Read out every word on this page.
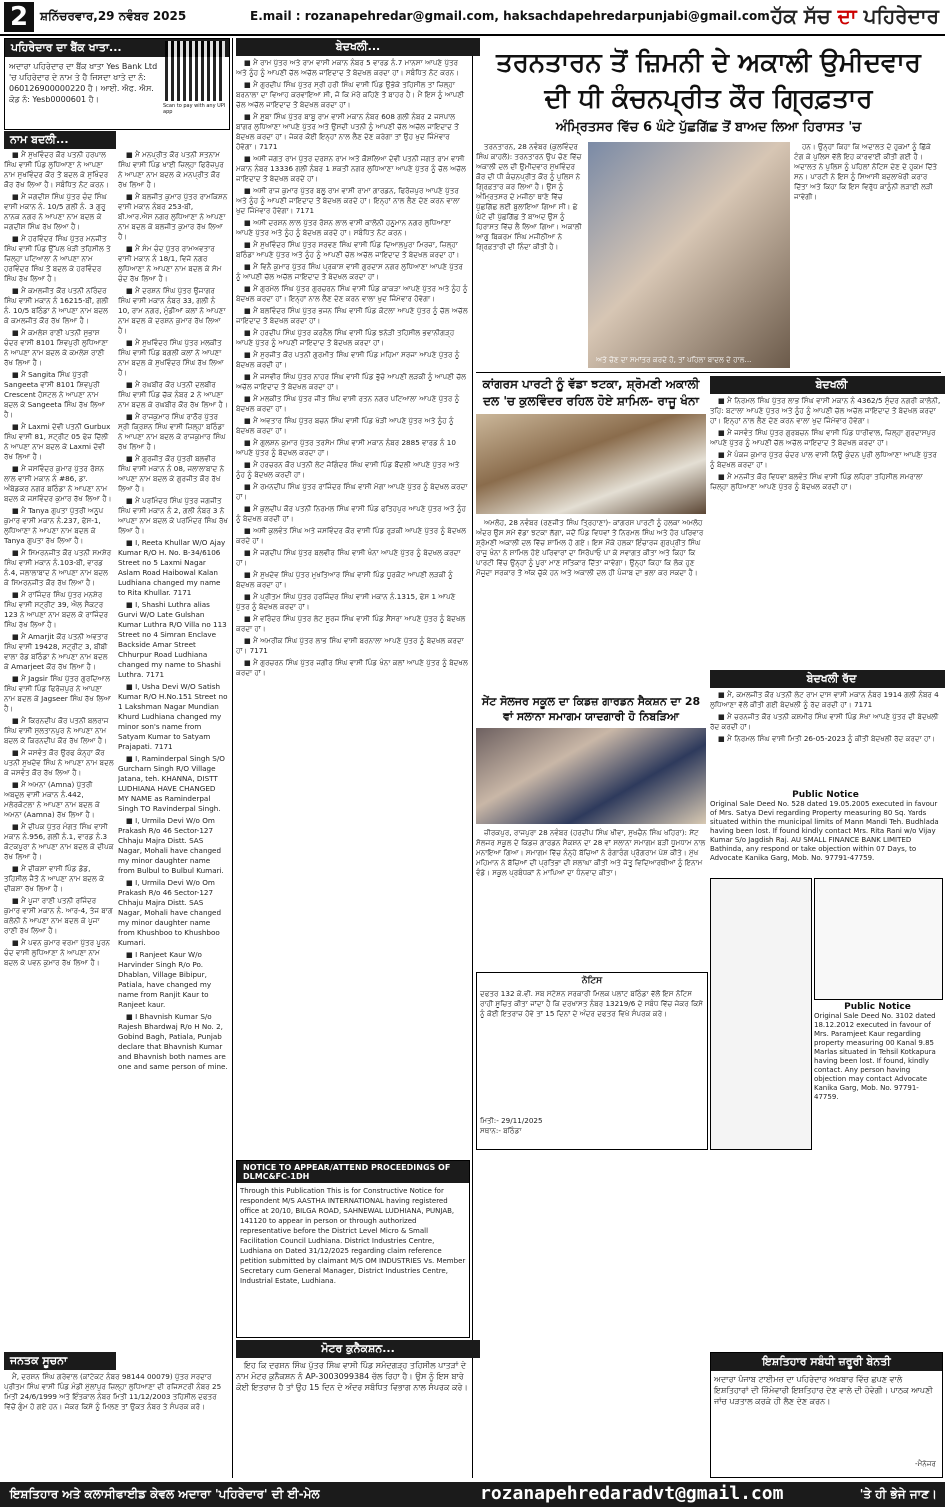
2 ਸ਼ਨਿੱਚਰਵਾਰ,29 ਨਵੰਬਰ 2025	E.mail : rozanapehredar@gmail.com, haksachdapehredarpunjabi@gmail.com ਹੱਕ ਸੱਚ ਦਾ ਪਹਿਰੇਦਾਰ
ਪਹਿਰੇਦਾਰ ਦਾ ਬੈਂਕ ਖਾਤਾ...
ਅਦਾਰਾ ਪਹਿਰੇਦਾਰ ਦਾ ਬੈਂਕ ਖਾਤਾ Yes Bank Ltd 'ਚ ਪਹਿਰੇਦਾਰ ਦੇ ਨਾਮ ਤੇ ਹੈ ਜਿਸਦਾ ਖਾਤੇ ਦਾ ਨੰ: 060126900000220 ਹੈ। ਆਈ. ਐਫ. ਐਸ. ਕੋਡ ਨੰ: Yesb0000601 ਹੈ।
Scan to pay with any UPI app
ਨਾਮ ਬਦਲੀ...

■ ਮੈਂ ਸੁਖਵਿੰਦਰ ਕੌਰ ਪਤਨੀ ਹਰਪਾਲ ਸਿੰਘ ਵਾਸੀ ਪਿੰਡ ਲੁਧਿਆਣਾ ਨੇ ਆਪਣਾ ਨਾਮ ਸੁਖਵਿੰਦਰ ਕੌਰ ਤੋਂ ਬਦਲ ਕੇ ਸੁਖਿੰਦਰ ਕੌਰ ਰੱਖ ਲਿਆ ਹੈ। ਸਬੰਧਿਤ ਨੋਟ ਕਰਨ।

■ ਮੈਂ ਜਗਦੀਸ਼ ਸਿੰਘ ਪੁੱਤਰ ਚੰਦ ਸਿੰਘ ਵਾਸੀ ਮਕਾਨ ਨੰ. 10/5 ਗਲੀ ਨੰ. 3 ਗੁਰੂ ਨਾਨਕ ਨਗਰ ਨੇ ਆਪਣਾ ਨਾਮ ਬਦਲ ਕੇ ਜਗਦੀਸ਼ ਸਿੰਘ ਰੱਖ ਲਿਆ ਹੈ।

■ ਮੈਂ ਹਰਵਿੰਦਰ ਸਿੰਘ ਪੁੱਤਰ ਮਨਜੀਤ ਸਿੰਘ ਵਾਸੀ ਪਿੰਡ ਉੱਪਲ ਖੇੜੀ ਤਹਿਸੀਲ ਤੇ ਜ਼ਿਲ੍ਹਾ ਪਟਿਆਲਾ ਨੇ ਆਪਣਾ ਨਾਮ ਹਰਵਿੰਦਰ ਸਿੰਘ ਤੋਂ ਬਦਲ ਕੇ ਹਰਵਿੰਦਰ ਸਿੰਘ ਰੱਖ ਲਿਆ ਹੈ।

■ ਮੈਂ ਕਮਲਜੀਤ ਕੌਰ ਪਤਨੀ ਨਰਿੰਦਰ ਸਿੰਘ ਵਾਸੀ ਮਕਾਨ ਨੰ 16215-ਬੀ, ਗਲੀ ਨੰ. 10/5 ਬਠਿੰਡਾ ਨੇ ਆਪਣਾ ਨਾਮ ਬਦਲ ਕੇ ਕਮਲਜੀਤ ਕੌਰ ਰੱਖ ਲਿਆ ਹੈ।

■ ਮੈਂ ਕਮਲੇਸ਼ ਰਾਣੀ ਪਤਨੀ ਸੁਭਾਸ਼ ਚੰਦਰ ਵਾਸੀ 8101 ਸ਼ਿਵਪੁਰੀ ਲੁਧਿਆਣਾ ਨੇ ਆਪਣਾ ਨਾਮ ਬਦਲ ਕੇ ਕਮਲੇਸ਼ ਰਾਣੀ ਰੱਖ ਲਿਆ ਹੈ।

■ ਮੈਂ Sangita ਸਿੰਘ ਪੁੱਤਰੀ Sangeeta ਵਾਸੀ 8101 ਸ਼ਿਵਪੁਰੀ Crescent ਹੋਸਟਲ ਨੇ ਆਪਣਾ ਨਾਮ ਬਦਲ ਕੇ Sangeeta ਸਿੰਘ ਰੱਖ ਲਿਆ ਹੈ।

■ ਮੈਂ Laxmi ਦੇਵੀ ਪਤਨੀ Gurbux ਸਿੰਘ ਵਾਸੀ 81, ਸਟ੍ਰੀਟ 05 ਫੇਜ਼ ਦਿੱਲੀ ਨੇ ਆਪਣਾ ਨਾਮ ਬਦਲ ਕੇ Laxmi ਦੇਵੀ ਰੱਖ ਲਿਆ ਹੈ।

■ ਮੈਂ ਜਸਵਿੰਦਰ ਕੁਮਾਰ ਪੁੱਤਰ ਰੋਸ਼ਨ ਲਾਲ ਵਾਸੀ ਮਕਾਨ ਨੰ #86, ਡਾ. ਅੰਬੇਡਕਰ ਨਗਰ ਬਠਿੰਡਾ ਨੇ ਆਪਣਾ ਨਾਮ ਬਦਲ ਕੇ ਜਸਵਿੰਦਰ ਕੁਮਾਰ ਰੱਖ ਲਿਆ ਹੈ।

■ ਮੈਂ Tanya ਗੁਪਤਾ ਪੁੱਤਰੀ ਅਨੂਪ ਕੁਮਾਰ ਵਾਸੀ ਮਕਾਨ ਨੰ.237, ਫੇਸ-1, ਲੁਧਿਆਣਾ ਨੇ ਆਪਣਾ ਨਾਮ ਬਦਲ ਕੇ Tanya ਗੁਪਤਾ ਰੱਖ ਲਿਆ ਹੈ।

■ ਮੈਂ ਸਿਮਰਨਜੀਤ ਕੌਰ ਪਤਨੀ ਸਮਸ਼ੇਰ ਸਿੰਘ ਵਾਸੀ ਮਕਾਨ ਨੰ.103-ਬੀ, ਵਾਰਡ ਨੰ.4, ਜਲਾਲਾਬਾਦ ਨੇ ਆਪਣਾ ਨਾਮ ਬਦਲ ਕੇ ਸਿਮਰਨਜੀਤ ਕੌਰ ਰੱਖ ਲਿਆ ਹੈ।

■ ਮੈਂ ਰਾਜਿੰਦਰ ਸਿੰਘ ਪੁੱਤਰ ਮਨਸ਼ੇਰ ਸਿੰਘ ਵਾਸੀ ਸਟ੍ਰੀਟ 39, ਐਲ ਸੈਕਟਰ 123 ਨੇ ਆਪਣਾ ਨਾਮ ਬਦਲ ਕੇ ਰਾਜਿੰਦਰ ਸਿੰਘ ਰੱਖ ਲਿਆ ਹੈ।

■ ਮੈਂ Amarjit ਕੌਰ ਪਤਨੀ ਅਵਤਾਰ ਸਿੰਘ ਵਾਸੀ 19428, ਸਟ੍ਰੀਟ 3, ਬੀਬੀ ਵਾਲਾ ਰੋਡ ਬਠਿੰਡਾ ਨੇ ਆਪਣਾ ਨਾਮ ਬਦਲ ਕੇ Amarjeet ਕੌਰ ਰੱਖ ਲਿਆ ਹੈ।

■ ਮੈਂ Jagsir ਸਿੰਘ ਪੁੱਤਰ ਗੁਰਦਿਆਲ ਸਿੰਘ ਵਾਸੀ ਪਿੰਡ ਫਿਰੋਜ਼ਪੁਰ ਨੇ ਆਪਣਾ ਨਾਮ ਬਦਲ ਕੇ Jagseer ਸਿੰਘ ਰੱਖ ਲਿਆ ਹੈ।

■ ਮੈਂ ਕਿਰਨਦੀਪ ਕੌਰ ਪਤਨੀ ਬਲਰਾਜ ਸਿੰਘ ਵਾਸੀ ਸੁਲਤਾਨਪੁਰ ਨੇ ਆਪਣਾ ਨਾਮ ਬਦਲ ਕੇ ਕਿਰਨਦੀਪ ਕੌਰ ਰੱਖ ਲਿਆ ਹੈ।

■ ਮੈਂ ਜਸਵੰਤ ਕੌਰ ਉਰਫ ਕੰਨ੍ਹਾ ਕੌਰ ਪਤਨੀ ਸੁਖਦੇਵ ਸਿੰਘ ਨੇ ਆਪਣਾ ਨਾਮ ਬਦਲ ਕੇ ਜਸਵੰਤ ਕੌਰ ਰੱਖ ਲਿਆ ਹੈ।

■ ਮੈਂ ਅਮਨਾ (Amna) ਪੁੱਤਰੀ ਅਬਦੁਲ ਵਾਸੀ ਮਕਾਨ ਨੰ.442, ਮਲੇਰਕੋਟਲਾ ਨੇ ਆਪਣਾ ਨਾਮ ਬਦਲ ਕੇ ਅਮਨਾ (Aamna) ਰੱਖ ਲਿਆ ਹੈ।

■ ਮੈਂ ਦੀਪਕ ਪੁੱਤਰ ਮੰਗਤ ਸਿੰਘ ਵਾਸੀ ਮਕਾਨ ਨੰ.956, ਗਲੀ ਨੰ.1, ਵਾਰਡ ਨੰ.3 ਕੋਟਕਪੂਰਾ ਨੇ ਆਪਣਾ ਨਾਮ ਬਦਲ ਕੇ ਦੀਪਕ ਰੱਖ ਲਿਆ ਹੈ।

■ ਮੈਂ ਦੀਕਸ਼ਾ ਵਾਸੀ ਪਿੰਡ ਡੋਡ, ਤਹਿਸੀਲ ਜੈਤੋ ਨੇ ਆਪਣਾ ਨਾਮ ਬਦਲ ਕੇ ਦੀਕਸ਼ਾ ਰੱਖ ਲਿਆ ਹੈ।

■ ਮੈਂ ਪੂਜਾ ਰਾਣੀ ਪਤਨੀ ਰਜਿੰਦਰ ਕੁਮਾਰ ਵਾਸੀ ਮਕਾਨ ਨੰ. ਆਰ-4, ਤੇਜ ਬਾਗ ਕਲੋਨੀ ਨੇ ਆਪਣਾ ਨਾਮ ਬਦਲ ਕੇ ਪੂਜਾ ਰਾਣੀ ਰੱਖ ਲਿਆ ਹੈ।

■ ਮੈਂ ਪਵਨ ਕੁਮਾਰ ਵਰਮਾ ਪੁੱਤਰ ਪੂਰਨ ਚੰਦ ਵਾਸੀ ਲੁਧਿਆਣਾ ਨੇ ਆਪਣਾ ਨਾਮ ਬਦਲ ਕੇ ਪਵਨ ਕੁਮਾਰ ਰੱਖ ਲਿਆ ਹੈ।

■ ਮੈਂ ਮਨਪ੍ਰੀਤ ਕੌਰ ਪਤਨੀ ਸਤਨਾਮ ਸਿੰਘ ਵਾਸੀ ਪਿੰਡ ਖਾਈ ਜ਼ਿਲ੍ਹਾ ਫਿਰੋਜ਼ਪੁਰ ਨੇ ਆਪਣਾ ਨਾਮ ਬਦਲ ਕੇ ਮਨਪ੍ਰੀਤ ਕੌਰ ਰੱਖ ਲਿਆ ਹੈ।

■ ਮੈਂ ਬਲਜੀਤ ਕੁਮਾਰ ਪੁੱਤਰ ਰਾਮਕਿਸ਼ਨ ਵਾਸੀ ਮਕਾਨ ਨੰਬਰ 253-ਬੀ, ਬੀ.ਆਰ.ਐਸ ਨਗਰ ਲੁਧਿਆਣਾ ਨੇ ਆਪਣਾ ਨਾਮ ਬਦਲ ਕੇ ਬਲਜੀਤ ਕੁਮਾਰ ਰੱਖ ਲਿਆ ਹੈ।

■ ਮੈਂ ਸੰਮ ਚੰਦ ਪੁੱਤਰ ਰਾਮਅਵਤਾਰ ਵਾਸੀ ਮਕਾਨ ਨੰ 18/1, ਵਿਜੇ ਨਗਰ ਲੁਧਿਆਣਾ ਨੇ ਆਪਣਾ ਨਾਮ ਬਦਲ ਕੇ ਸੋਮ ਚੰਦ ਰੱਖ ਲਿਆ ਹੈ।

■ ਮੈਂ ਦਰਸ਼ਨ ਸਿੰਘ ਪੁੱਤਰ ਉਜਾਗਰ ਸਿੰਘ ਵਾਸੀ ਮਕਾਨ ਨੰਬਰ 33, ਗਲੀ ਨੰ 10, ਰਾਮ ਨਗਰ, ਮੁੰਡੀਆਂ ਕਲਾਂ ਨੇ ਆਪਣਾ ਨਾਮ ਬਦਲ ਕੇ ਦਰਸ਼ਨ ਕੁਮਾਰ ਰੱਖ ਲਿਆ ਹੈ।

■ ਮੈਂ ਸੁਖਵਿੰਦਰ ਸਿੰਘ ਪੁੱਤਰ ਮਲਕੀਤ ਸਿੰਘ ਵਾਸੀ ਪਿੰਡ ਬਗਲੀ ਕਲਾਂ ਨੇ ਆਪਣਾ ਨਾਮ ਬਦਲ ਕੇ ਸੁਖਵਿੰਦਰ ਸਿੰਘ ਰੱਖ ਲਿਆ ਹੈ।

■ ਮੈਂ ਰਘਬੀਰ ਕੌਰ ਪਤਨੀ ਦਲਬੀਰ ਸਿੰਘ ਵਾਸੀ ਪਿੰਡ ਚੱਕ ਨੰਬਰ 2 ਨੇ ਆਪਣਾ ਨਾਮ ਬਦਲ ਕੇ ਰਘਬੀਰ ਕੌਰ ਰੱਖ ਲਿਆ ਹੈ।

■ ਮੈਂ ਰਾਜਕੁਮਾਰ ਸਿੰਘ ਰਾਠੌਰ ਪੁੱਤਰ ਸ੍ਰੀ ਕ੍ਰਿਸ਼ਨ ਸਿੰਘ ਵਾਸੀ ਜ਼ਿਲ੍ਹਾ ਬਠਿੰਡਾ ਨੇ ਆਪਣਾ ਨਾਮ ਬਦਲ ਕੇ ਰਾਜਕੁਮਾਰ ਸਿੰਘ ਰੱਖ ਲਿਆ ਹੈ।

■ ਮੈਂ ਗੁਰਜੀਤ ਕੌਰ ਪੁੱਤਰੀ ਬਲਵੀਰ ਸਿੰਘ ਵਾਸੀ ਮਕਾਨ ਨੰ 08, ਜਲਾਲਾਬਾਦ ਨੇ ਆਪਣਾ ਨਾਮ ਬਦਲ ਕੇ ਗੁਰਜੀਤ ਕੌਰ ਰੱਖ ਲਿਆ ਹੈ।

■ ਮੈਂ ਪਰਮਿੰਦਰ ਸਿੰਘ ਪੁੱਤਰ ਜਗਜੀਤ ਸਿੰਘ ਵਾਸੀ ਮਕਾਨ ਨੰ 2, ਗਲੀ ਨੰਬਰ 3 ਨੇ ਆਪਣਾ ਨਾਮ ਬਦਲ ਕੇ ਪਰਮਿੰਦਰ ਸਿੰਘ ਰੱਖ ਲਿਆ ਹੈ।

■ I, Reeta Khullar W/O Ajay Kumar R/O H. No. B-34/6106 Street no 5 Laxmi Nagar Aslam Road Haibowal Kalan Ludhiana changed my name to Rita Khullar. 7171

■ I, Shashi Luthra alias Gurvi W/O Late Gulshan Kumar Luthra R/O Villa no 113 Street no 4 Simran Enclave Backside Amar Street Chhurpur Road Ludhiana changed my name to Shashi Luthra. 7171

■ I, Usha Devi W/O Satish Kumar R/O H.No.151 Street no 1 Lakshman Nagar Mundian Khurd Ludhiana changed my minor son's name from Satyam Kumar to Satyam Prajapati. 7171

■ I, Raminderpal Singh S/O Gurcharn Singh R/O Village Jatana, teh. KHANNA, DISTT LUDHIANA HAVE CHANGED MY NAME as Raminderpal Singh TO Ravinderpal Singh.

■ I, Urmila Devi W/o Om Prakash R/o 46 Sector-127 Chhaju Majra Distt. SAS Nagar, Mohali have changed my minor daughter name from Bulbul to Bulbul Kumari.

■ I, Urmila Devi W/o Om Prakash R/o 46 Sector-127 Chhaju Majra Distt. SAS Nagar, Mohali have changed my minor daughter name from Khushboo to Khushboo Kumari.

■ I Ranjeet Kaur W/o Harvinder Singh R/o Po. Dhablan, Village Bibipur, Patiala, have changed my name from Ranjit Kaur to Ranjeet kaur.

■ I Bhavnish Kumar S/o Rajesh Bhardwaj R/o H No. 2, Gobind Bagh, Patiala, Punjab declare that Bhavnish Kumar and Bhavnish both names are one and same person of mine.

ਜਨਤਕ ਸੂਚਨਾ

ਮੈਂ, ਦਰਸ਼ਨ ਸਿੰਘ ਗਰੇਵਾਲ (ਕਾਂਟੇਕਟ ਨੰਬਰ 98144 00079) ਪੁੱਤਰ ਸਰਦਾਰ ਪ੍ਰੀਤਮ ਸਿੰਘ ਵਾਸੀ ਪਿੰਡ ਮੰਡੀ ਮੁੱਲਾਂਪੁਰ ਜ਼ਿਲ੍ਹਾ ਲੁਧਿਆਣਾ ਦੀ ਰਜਿਸਟਰੀ ਨੰਬਰ 25 ਮਿਤੀ 24/6/1999 ਅਤੇ ਇੰਤਕਾਲ ਨੰਬਰ ਮਿਤੀ 11/12/2003 ਤਹਿਸੀਲ ਦਫਤਰ ਵਿੱਚੋਂ ਗੁੰਮ ਹੋ ਗਏ ਹਨ। ਜੇਕਰ ਕਿਸੇ ਨੂੰ ਮਿਲਣ ਤਾਂ ਉਕਤ ਨੰਬਰ ਤੇ ਸੰਪਰਕ ਕਰੋ।

ਬੇਦਖਲੀ...

■ ਮੈਂ ਰਾਮ ਪੁੱਤਰ ਅਤੇ ਰਾਮ ਵਾਸੀ ਮਕਾਨ ਨੰਬਰ 5 ਵਾਰਡ ਨੰ.7 ਮਾਨਸਾ ਆਪਣੇ ਪੁੱਤਰ ਅਤੇ ਨੂੰਹ ਨੂੰ ਆਪਣੀ ਚੱਲ ਅਚੱਲ ਜਾਇਦਾਦ ਤੋਂ ਬੇਦਖਲ ਕਰਦਾ ਹਾਂ। ਸਬੰਧਿਤ ਨੋਟ ਕਰਨ।

■ ਮੈਂ ਗੁਰਦੀਪ ਸਿੰਘ ਪੁੱਤਰ ਸ੍ਰੀ ਹਰੀ ਸਿੰਘ ਵਾਸੀ ਪਿੰਡ ਉਭੇਕੇ ਤਹਿਸੀਲ ਤਾਂ ਜ਼ਿਲ੍ਹਾ ਬਰਨਾਲਾ ਦਾ ਵਿਆਹ ਕਰਵਾਇਆ ਸੀ, ਜੋ ਕਿ ਮੇਰੇ ਕਹਿਣੇ ਤੋਂ ਬਾਹਰ ਹੈ। ਮੈਂ ਇਸ ਨੂੰ ਆਪਣੀ ਚੱਲ ਅਚੱਲ ਜਾਇਦਾਦ ਤੋਂ ਬੇਦਖਲ ਕਰਦਾ ਹਾਂ।

■ ਮੈਂ ਸੂਬਾ ਸਿੰਘ ਪੁੱਤਰ ਬਾਬੂ ਰਾਮ ਵਾਸੀ ਮਕਾਨ ਨੰਬਰ 608 ਗਲੀ ਨੰਬਰ 2 ਜਸਪਾਲ ਬਾਂਗਰ ਲੁਧਿਆਣਾ ਆਪਣੇ ਪੁੱਤਰ ਅਤੇ ਉਸਦੀ ਪਤਨੀ ਨੂੰ ਆਪਣੀ ਚੱਲ ਅਚੱਲ ਜਾਇਦਾਦ ਤੋਂ ਬੇਦਖਲ ਕਰਦਾ ਹਾਂ। ਜੇਕਰ ਕੋਈ ਇਨ੍ਹਾਂ ਨਾਲ ਲੈਣ ਦੇਣ ਕਰੇਗਾ ਤਾਂ ਉਹ ਖੁਦ ਜਿੰਮੇਵਾਰ ਹੋਵੇਗਾ। 7171

■ ਅਸੀਂ ਜਗਤ ਰਾਮ ਪੁੱਤਰ ਦਰਸ਼ਨ ਰਾਮ ਅਤੇ ਕੌਸ਼ਲਿਆ ਦੇਵੀ ਪਤਨੀ ਜਗਤ ਰਾਮ ਵਾਸੀ ਮਕਾਨ ਨੰਬਰ 13336 ਗਲੀ ਨੰਬਰ 1 ਸ਼ਕਤੀ ਨਗਰ ਲੁਧਿਆਣਾ ਆਪਣੇ ਪੁੱਤਰ ਨੂੰ ਚੱਲ ਅਚੱਲ ਜਾਇਦਾਦ ਤੋਂ ਬੇਦਖਲ ਕਰਦੇ ਹਾਂ।

■ ਅਸੀਂ ਰਾਜ ਕੁਮਾਰ ਪੁੱਤਰ ਬਲੂ ਰਾਮ ਵਾਸੀ ਰਾਮਾ ਗਾਰਡਨ, ਫਿਰੋਜ਼ਪੁਰ ਆਪਣੇ ਪੁੱਤਰ ਅਤੇ ਨੂੰਹ ਨੂੰ ਆਪਣੀ ਜਾਇਦਾਦ ਤੋਂ ਬੇਦਖਲ ਕਰਦੇ ਹਾਂ। ਇਨ੍ਹਾਂ ਨਾਲ ਲੈਣ ਦੇਣ ਕਰਨ ਵਾਲਾ ਖੁਦ ਜਿੰਮੇਵਾਰ ਹੋਵੇਗਾ। 7171

■ ਅਸੀਂ ਦਰਸ਼ਨ ਲਾਲ ਪੁੱਤਰ ਰੋਸ਼ਨ ਲਾਲ ਵਾਸੀ ਕਾਲੋਨੀ ਹਨੂਮਾਨ ਨਗਰ ਲੁਧਿਆਣਾ ਆਪਣੇ ਪੁੱਤਰ ਅਤੇ ਨੂੰਹ ਨੂੰ ਬੇਦਖਲ ਕਰਦੇ ਹਾਂ। ਸਬੰਧਿਤ ਨੋਟ ਕਰਨ।

■ ਮੈਂ ਸੁਖਵਿੰਦਰ ਸਿੰਘ ਪੁੱਤਰ ਸਰਵਣ ਸਿੰਘ ਵਾਸੀ ਪਿੰਡ ਦਿਆਲਪੁਰਾ ਮਿਰਜ਼ਾ, ਜ਼ਿਲ੍ਹਾ ਬਠਿੰਡਾ ਆਪਣੇ ਪੁੱਤਰ ਅਤੇ ਨੂੰਹ ਨੂੰ ਆਪਣੀ ਚੱਲ ਅਚੱਲ ਜਾਇਦਾਦ ਤੋਂ ਬੇਦਖਲ ਕਰਦਾ ਹਾਂ।

■ ਮੈਂ ਵਿਨੈ ਕੁਮਾਰ ਪੁੱਤਰ ਸਿੰਘ ਪ੍ਰਕਾਸ਼ ਵਾਸੀ ਗੁਰਦਾਸ ਨਗਰ ਲੁਧਿਆਣਾ ਆਪਣੇ ਪੁੱਤਰ ਨੂੰ ਆਪਣੀ ਚੱਲ ਅਚੱਲ ਜਾਇਦਾਦ ਤੋਂ ਬੇਦਖਲ ਕਰਦਾ ਹਾਂ।

■ ਮੈਂ ਗੁਰਮੇਲ ਸਿੰਘ ਪੁੱਤਰ ਗੁਰਚਰਨ ਸਿੰਘ ਵਾਸੀ ਪਿੰਡ ਕਾਕੜਾ ਆਪਣੇ ਪੁੱਤਰ ਅਤੇ ਨੂੰਹ ਨੂੰ ਬੇਦਖਲ ਕਰਦਾ ਹਾਂ। ਇਨ੍ਹਾਂ ਨਾਲ ਲੈਣ ਦੇਣ ਕਰਨ ਵਾਲਾ ਖੁਦ ਜਿੰਮੇਵਾਰ ਹੋਵੇਗਾ।

■ ਮੈਂ ਬਲਵਿੰਦਰ ਸਿੰਘ ਪੁੱਤਰ ਭਜਨ ਸਿੰਘ ਵਾਸੀ ਪਿੰਡ ਕੋਟਲਾ ਆਪਣੇ ਪੁੱਤਰ ਨੂੰ ਚੱਲ ਅਚੱਲ ਜਾਇਦਾਦ ਤੋਂ ਬੇਦਖਲ ਕਰਦਾ ਹਾਂ।

■ ਮੈਂ ਹਰਦੀਪ ਸਿੰਘ ਪੁੱਤਰ ਕਰਨੈਲ ਸਿੰਘ ਵਾਸੀ ਪਿੰਡ ਝਨੇੜੀ ਤਹਿਸੀਲ ਭਵਾਨੀਗੜ੍ਹ ਆਪਣੇ ਪੁੱਤਰ ਨੂੰ ਆਪਣੀ ਜਾਇਦਾਦ ਤੋਂ ਬੇਦਖਲ ਕਰਦਾ ਹਾਂ।

■ ਮੈਂ ਸੁਰਜੀਤ ਕੌਰ ਪਤਨੀ ਗੁਰਮੀਤ ਸਿੰਘ ਵਾਸੀ ਪਿੰਡ ਮਹਿਮਾ ਸਰਜਾ ਆਪਣੇ ਪੁੱਤਰ ਨੂੰ ਬੇਦਖਲ ਕਰਦੀ ਹਾਂ।

■ ਮੈਂ ਜਸਵੀਰ ਸਿੰਘ ਪੁੱਤਰ ਨਾਹਰ ਸਿੰਘ ਵਾਸੀ ਪਿੰਡ ਭੁੱਚੋ ਆਪਣੀ ਲੜਕੀ ਨੂੰ ਆਪਣੀ ਚੱਲ ਅਚੱਲ ਜਾਇਦਾਦ ਤੋਂ ਬੇਦਖਲ ਕਰਦਾ ਹਾਂ।

■ ਮੈਂ ਮਲਕੀਤ ਸਿੰਘ ਪੁੱਤਰ ਜੀਤ ਸਿੰਘ ਵਾਸੀ ਰਤਨ ਨਗਰ ਪਟਿਆਲਾ ਆਪਣੇ ਪੁੱਤਰ ਨੂੰ ਬੇਦਖਲ ਕਰਦਾ ਹਾਂ।

■ ਮੈਂ ਅਵਤਾਰ ਸਿੰਘ ਪੁੱਤਰ ਬਚਨ ਸਿੰਘ ਵਾਸੀ ਪਿੰਡ ਖੇੜੀ ਆਪਣੇ ਪੁੱਤਰ ਅਤੇ ਨੂੰਹ ਨੂੰ ਬੇਦਖਲ ਕਰਦਾ ਹਾਂ।

■ ਮੈਂ ਗੁਲਸ਼ਨ ਕੁਮਾਰ ਪੁੱਤਰ ਤਰਸੇਮ ਸਿੰਘ ਵਾਸੀ ਮਕਾਨ ਨੰਬਰ 2885 ਵਾਰਡ ਨੰ 10 ਆਪਣੇ ਪੁੱਤਰ ਨੂੰ ਬੇਦਖਲ ਕਰਦਾ ਹਾਂ।

■ ਮੈਂ ਹਰਚਰਨ ਕੌਰ ਪਤਨੀ ਲੇਟ ਜੋਗਿੰਦਰ ਸਿੰਘ ਵਾਸੀ ਪਿੰਡ ਬੌਂਦਲੀ ਆਪਣੇ ਪੁੱਤਰ ਅਤੇ ਨੂੰਹ ਨੂੰ ਬੇਦਖਲ ਕਰਦੀ ਹਾਂ।

■ ਮੈਂ ਰਮਨਦੀਪ ਸਿੰਘ ਪੁੱਤਰ ਰਾਜਿੰਦਰ ਸਿੰਘ ਵਾਸੀ ਮੋਗਾ ਆਪਣੇ ਪੁੱਤਰ ਨੂੰ ਬੇਦਖਲ ਕਰਦਾ ਹਾਂ।

■ ਮੈਂ ਕੁਲਦੀਪ ਕੌਰ ਪਤਨੀ ਨਿਰਮਲ ਸਿੰਘ ਵਾਸੀ ਪਿੰਡ ਫਤਿਹਪੁਰ ਆਪਣੇ ਪੁੱਤਰ ਅਤੇ ਨੂੰਹ ਨੂੰ ਬੇਦਖਲ ਕਰਦੀ ਹਾਂ।

■ ਅਸੀਂ ਕੁਲਵੰਤ ਸਿੰਘ ਅਤੇ ਜਸਵਿੰਦਰ ਕੌਰ ਵਾਸੀ ਪਿੰਡ ਰੁੜਕੀ ਆਪਣੇ ਪੁੱਤਰ ਨੂੰ ਬੇਦਖਲ ਕਰਦੇ ਹਾਂ।

■ ਮੈਂ ਜਗਦੀਪ ਸਿੰਘ ਪੁੱਤਰ ਬਲਵੀਰ ਸਿੰਘ ਵਾਸੀ ਖੰਨਾ ਆਪਣੇ ਪੁੱਤਰ ਨੂੰ ਬੇਦਖਲ ਕਰਦਾ ਹਾਂ।

■ ਮੈਂ ਸੁਖਦੇਵ ਸਿੰਘ ਪੁੱਤਰ ਮੁਖਤਿਆਰ ਸਿੰਘ ਵਾਸੀ ਪਿੰਡ ਧੂਰਕੋਟ ਆਪਣੀ ਲੜਕੀ ਨੂੰ ਬੇਦਖਲ ਕਰਦਾ ਹਾਂ।

■ ਮੈਂ ਪ੍ਰੀਤਮ ਸਿੰਘ ਪੁੱਤਰ ਹਰਜਿੰਦਰ ਸਿੰਘ ਵਾਸੀ ਮਕਾਨ ਨੰ.1315, ਫੇਸ 1 ਆਪਣੇ ਪੁੱਤਰ ਨੂੰ ਬੇਦਖਲ ਕਰਦਾ ਹਾਂ।

■ ਮੈਂ ਵਰਿੰਦਰ ਸਿੰਘ ਪੁੱਤਰ ਲੇਟ ਸੂਰਜ ਸਿੰਘ ਵਾਸੀ ਪਿੰਡ ਸੈਂਸਰਾ ਆਪਣੇ ਪੁੱਤਰ ਨੂੰ ਬੇਦਖਲ ਕਰਦਾ ਹਾਂ।

■ ਮੈਂ ਅਮਰੀਕ ਸਿੰਘ ਪੁੱਤਰ ਲਾਭ ਸਿੰਘ ਵਾਸੀ ਬਰਨਾਲਾ ਆਪਣੇ ਪੁੱਤਰ ਨੂੰ ਬੇਦਖਲ ਕਰਦਾ ਹਾਂ। 7171

■ ਮੈਂ ਗੁਰਚਰਨ ਸਿੰਘ ਪੁੱਤਰ ਜਗੀਰ ਸਿੰਘ ਵਾਸੀ ਪਿੰਡ ਖੰਨਾ ਕਲਾਂ ਆਪਣੇ ਪੁੱਤਰ ਨੂੰ ਬੇਦਖਲ ਕਰਦਾ ਹਾਂ।

NOTICE TO APPEAR/ATTEND PROCEEDINGS OF DLMC&FC-1DH
Through this Publication This is for Constructive Notice for respondent M/S AASTHA INTERNATIONAL having registered office at 20/10, BILGA ROAD, SAHNEWAL LUDHIANA, PUNJAB, 141120 to appear in person or through authorized representative before the District Level Micro & Small Facilitation Council Ludhiana. District Industries Centre, Ludhiana on Dated 31/12/2025 regarding claim reference petition submitted by claimant M/S OM INDUSTRIES Vs. Member Secretary cum General Manager, District Industries Centre, Industrial Estate, Ludhiana.
ਮੋਟਰ ਕੁਨੈਕਸ਼ਨ...

ਇਹ ਕਿ ਦਰਸ਼ਨ ਸਿੰਘ ਪੁੱਤਰ ਸਿੰਘ ਵਾਸੀ ਪਿੰਡ ਸਮੰਦਗੜ੍ਹ ਤਹਿਸੀਲ ਪਾਤੜਾਂ ਦੇ ਨਾਮ ਮੋਟਰ ਕੁਨੈਕਸ਼ਨ ਨੰ AP-3003099384 ਚੱਲ ਰਿਹਾ ਹੈ। ਉਸ ਨੂੰ ਇਸ ਬਾਰੇ ਕੋਈ ਇਤਰਾਜ਼ ਹੈ ਤਾਂ ਉਹ 15 ਦਿਨ ਦੇ ਅੰਦਰ ਸਬੰਧਿਤ ਵਿਭਾਗ ਨਾਲ ਸੰਪਰਕ ਕਰੇ।

ਤਰਨਤਾਰਨ ਤੋਂ ਜ਼ਿਮਨੀ ਦੇ ਅਕਾਲੀ ਉਮੀਦਵਾਰ
ਦੀ ਧੀ ਕੰਚਨਪ੍ਰੀਤ ਕੌਰ ਗ੍ਰਿਫ਼ਤਾਰ
ਅੰਮ੍ਰਿਤਸਰ ਵਿੱਚ 6 ਘੰਟੇ ਪੁੱਛਗਿੱਛ ਤੋਂ ਬਾਅਦ ਲਿਆ ਹਿਰਾਸਤ 'ਚ

ਤਰਨਤਾਰਨ, 28 ਨਵੰਬਰ (ਕੁਲਵਿੰਦਰ ਸਿੰਘ ਕਾਹਲੋਂ): ਤਰਨਤਾਰਨ ਉਪ ਚੋਣ ਵਿੱਚ ਅਕਾਲੀ ਦਲ ਦੀ ਉਮੀਦਵਾਰ ਸੁਖਵਿੰਦਰ ਕੌਰ ਦੀ ਧੀ ਕੰਚਨਪ੍ਰੀਤ ਕੌਰ ਨੂੰ ਪੁਲਿਸ ਨੇ ਗ੍ਰਿਫ਼ਤਾਰ ਕਰ ਲਿਆ ਹੈ। ਉਸ ਨੂੰ ਅੰਮ੍ਰਿਤਸਰ ਦੇ ਮਜੀਠਾ ਥਾਣੇ ਵਿੱਚ ਪੁੱਛਗਿੱਛ ਲਈ ਬੁਲਾਇਆ ਗਿਆ ਸੀ। ਛੇ ਘੰਟੇ ਦੀ ਪੁੱਛਗਿੱਛ ਤੋਂ ਬਾਅਦ ਉਸ ਨੂੰ ਹਿਰਾਸਤ ਵਿੱਚ ਲੈ ਲਿਆ ਗਿਆ। ਅਕਾਲੀ ਆਗੂ ਬਿਕਰਮ ਸਿੰਘ ਮਜੀਠੀਆ ਨੇ ਗ੍ਰਿਫ਼ਤਾਰੀ ਦੀ ਨਿੰਦਾ ਕੀਤੀ ਹੈ।

ਅਤੇ ਚੋਣ ਦਾ ਸਮਾਂਤਰ ਕਰਦੇ ਹੋ, ਤਾਂ ਪਹਿਲਾ ਬਾਦਲ ਦੇ ਹਾਲ...

ਹਨ। ਉਨ੍ਹਾਂ ਕਿਹਾ ਕਿ ਅਦਾਲਤ ਦੇ ਹੁਕਮਾਂ ਨੂੰ ਛਿੱਕੇ ਟੰਗ ਕੇ ਪੁਲਿਸ ਵੱਲੋਂ ਇਹ ਕਾਰਵਾਈ ਕੀਤੀ ਗਈ ਹੈ। ਅਦਾਲਤ ਨੇ ਪੁਲਿਸ ਨੂੰ ਪਹਿਲਾਂ ਨੋਟਿਸ ਦੇਣ ਦੇ ਹੁਕਮ ਦਿੱਤੇ ਸਨ। ਪਾਰਟੀ ਨੇ ਇਸ ਨੂੰ ਸਿਆਸੀ ਬਦਲਾਖੋਰੀ ਕਰਾਰ ਦਿੱਤਾ ਅਤੇ ਕਿਹਾ ਕਿ ਇਸ ਵਿਰੁੱਧ ਕਾਨੂੰਨੀ ਲੜਾਈ ਲੜੀ ਜਾਵੇਗੀ।

ਕਾਂਗਰਸ ਪਾਰਟੀ ਨੂੰ ਵੱਡਾ ਝਟਕਾ, ਸ਼੍ਰੋਮਣੀ ਅਕਾਲੀ ਦਲ 'ਚ ਕੁਲਵਿੰਦਰ ਰਹਿਲ ਹੋਏ ਸ਼ਾਮਿਲ- ਰਾਜੂ ਖੰਨਾ

ਅਮਲੋਹ, 28 ਨਵੰਬਰ (ਰਣਜੀਤ ਸਿੰਘ ਤ੍ਰਿਹਾਣਾ)- ਕਾਂਗਰਸ ਪਾਰਟੀ ਨੂੰ ਹਲਕਾ ਅਮਲੋਹ ਅੰਦਰ ਉਸ ਸਮੇਂ ਵੱਡਾ ਝਟਕਾ ਲੱਗਾ, ਜਦੋਂ ਪਿੰਡ ਵਿਧਵਾਂ ਤੋਂ ਨਿਰਮਲ ਸਿੰਘ ਅਤੇ ਹੋਰ ਪਰਿਵਾਰ ਸ਼੍ਰੋਮਣੀ ਅਕਾਲੀ ਦਲ ਵਿੱਚ ਸ਼ਾਮਿਲ ਹੋ ਗਏ। ਇਸ ਮੌਕੇ ਹਲਕਾ ਇੰਚਾਰਜ ਗੁਰਪ੍ਰੀਤ ਸਿੰਘ ਰਾਜੂ ਖੰਨਾ ਨੇ ਸ਼ਾਮਿਲ ਹੋਏ ਪਰਿਵਾਰਾਂ ਦਾ ਸਿਰੋਪਾਓ ਪਾ ਕੇ ਸਵਾਗਤ ਕੀਤਾ ਅਤੇ ਕਿਹਾ ਕਿ ਪਾਰਟੀ ਵਿੱਚ ਉਨ੍ਹਾਂ ਨੂੰ ਪੂਰਾ ਮਾਣ ਸਤਿਕਾਰ ਦਿੱਤਾ ਜਾਵੇਗਾ। ਉਨ੍ਹਾਂ ਕਿਹਾ ਕਿ ਲੋਕ ਹੁਣ ਮੌਜੂਦਾ ਸਰਕਾਰ ਤੋਂ ਅੱਕ ਚੁੱਕੇ ਹਨ ਅਤੇ ਅਕਾਲੀ ਦਲ ਹੀ ਪੰਜਾਬ ਦਾ ਭਲਾ ਕਰ ਸਕਦਾ ਹੈ।

ਸੇਂਟ ਸੋਲਜਰ ਸਕੂਲ ਦਾ ਕਿਡਜ਼ ਗਾਰਡਨ ਸੈਕਸ਼ਨ ਦਾ 28 ਵਾਂ ਸਲਾਨਾ ਸਮਾਗਮ ਯਾਦਗਾਰੀ ਹੋ ਨਿਬੜਿਆ

ਜ਼ੀਰਕਪੁਰ, ਰਾਜਪੁਰਾ 28 ਨਵੰਬਰ (ਹਰਦੀਪ ਸਿੰਘ ਖੀਵਾ, ਸੁਖਚੈਨ ਸਿੰਘ ਖਹਿਰਾ): ਸੇਂਟ ਸੋਲਜਰ ਸਕੂਲ ਦੇ ਕਿਡਜ਼ ਗਾਰਡਨ ਸੈਕਸ਼ਨ ਦਾ 28 ਵਾਂ ਸਲਾਨਾ ਸਮਾਗਮ ਬੜੀ ਧੂਮਧਾਮ ਨਾਲ ਮਨਾਇਆ ਗਿਆ। ਸਮਾਗਮ ਵਿੱਚ ਨੰਨ੍ਹੇ ਬੱਚਿਆਂ ਨੇ ਰੰਗਾਰੰਗ ਪ੍ਰੋਗਰਾਮ ਪੇਸ਼ ਕੀਤੇ। ਮੁੱਖ ਮਹਿਮਾਨ ਨੇ ਬੱਚਿਆਂ ਦੀ ਪ੍ਰਤਿਭਾ ਦੀ ਸ਼ਲਾਘਾ ਕੀਤੀ ਅਤੇ ਜੇਤੂ ਵਿਦਿਆਰਥੀਆਂ ਨੂੰ ਇਨਾਮ ਵੰਡੇ। ਸਕੂਲ ਪ੍ਰਬੰਧਕਾਂ ਨੇ ਮਾਪਿਆਂ ਦਾ ਧੰਨਵਾਦ ਕੀਤਾ।

ਨੋਟਿਸ
ਦਫਤਰ 132 ਕੇ.ਵੀ. ਸਬ ਸਟੇਸ਼ਨ ਸਰਕਾਰੀ ਮਿਲਕ ਪਲਾਂਟ ਬਠਿੰਡਾ ਵੱਲੋਂ ਇਸ ਨੋਟਿਸ ਰਾਹੀਂ ਸੂਚਿਤ ਕੀਤਾ ਜਾਂਦਾ ਹੈ ਕਿ ਦਰਖਾਸਤ ਨੰਬਰ 13219/6 ਦੇ ਸਬੰਧ ਵਿੱਚ ਜੇਕਰ ਕਿਸੇ ਨੂੰ ਕੋਈ ਇਤਰਾਜ਼ ਹੋਵੇ ਤਾਂ 15 ਦਿਨਾਂ ਦੇ ਅੰਦਰ ਦਫਤਰ ਵਿਖੇ ਸੰਪਰਕ ਕਰੇ।
ਮਿਤੀ:- 29/11/2025
ਸਥਾਨ:- ਬਠਿੰਡਾ
ਬੇਦਖਲੀ

■ ਮੈਂ ਨਿਰਮਲ ਸਿੰਘ ਪੁੱਤਰ ਲਾਭ ਸਿੰਘ ਵਾਸੀ ਮਕਾਨ ਨੰ 4362/5 ਸੁੰਦਰ ਨਗਰੀ ਕਾਲੋਨੀ, ਤਹਿ: ਬਟਾਲਾ ਆਪਣੇ ਪੁੱਤਰ ਅਤੇ ਨੂੰਹ ਨੂੰ ਆਪਣੀ ਚੱਲ ਅਚੱਲ ਜਾਇਦਾਦ ਤੋਂ ਬੇਦਖਲ ਕਰਦਾ ਹਾਂ। ਇਨ੍ਹਾਂ ਨਾਲ ਲੈਣ ਦੇਣ ਕਰਨ ਵਾਲਾ ਖੁਦ ਜਿੰਮੇਵਾਰ ਹੋਵੇਗਾ।

■ ਮੈਂ ਜਸਵੰਤ ਸਿੰਘ ਪੁੱਤਰ ਗੁਰਬਚਨ ਸਿੰਘ ਵਾਸੀ ਪਿੰਡ ਧਾਰੀਵਾਲ, ਜ਼ਿਲ੍ਹਾ ਗੁਰਦਾਸਪੁਰ ਆਪਣੇ ਪੁੱਤਰ ਨੂੰ ਆਪਣੀ ਚੱਲ ਅਚੱਲ ਜਾਇਦਾਦ ਤੋਂ ਬੇਦਖਲ ਕਰਦਾ ਹਾਂ।

■ ਮੈਂ ਪੰਕਜ ਕੁਮਾਰ ਪੁੱਤਰ ਚੰਦਰ ਪਾਲ ਵਾਸੀ ਨਿਊ ਕੁੰਦਨ ਪੁਰੀ ਲੁਧਿਆਣਾ ਆਪਣੇ ਪੁੱਤਰ ਨੂੰ ਬੇਦਖਲ ਕਰਦਾ ਹਾਂ।

■ ਮੈਂ ਮਨਜੀਤ ਕੌਰ ਵਿਧਵਾ ਬਲਵੰਤ ਸਿੰਘ ਵਾਸੀ ਪਿੰਡ ਲਹਿਰਾ ਤਹਿਸੀਲ ਸਮਰਾਲਾ ਜ਼ਿਲ੍ਹਾ ਲੁਧਿਆਣਾ ਆਪਣੇ ਪੁੱਤਰ ਨੂੰ ਬੇਦਖਲ ਕਰਦੀ ਹਾਂ।

ਬੇਦਖਲੀ ਰੱਦ

■ ਮੈਂ, ਕਮਲਜੀਤ ਕੌਰ ਪਤਨੀ ਲੇਟ ਰਾਮ ਦਾਸ ਵਾਸੀ ਮਕਾਨ ਨੰਬਰ 1914 ਗਲੀ ਨੰਬਰ 4 ਲੁਧਿਆਣਾ ਵੱਲੋਂ ਕੀਤੀ ਗਈ ਬੇਦਖਲੀ ਨੂੰ ਰੱਦ ਕਰਦੀ ਹਾਂ। 7171

■ ਮੈਂ ਚਰਨਜੀਤ ਕੌਰ ਪਤਨੀ ਕਸ਼ਮੀਰ ਸਿੰਘ ਵਾਸੀ ਪਿੰਡ ਸੇਖਾ ਆਪਣੇ ਪੁੱਤਰ ਦੀ ਬੇਦਖਲੀ ਰੱਦ ਕਰਦੀ ਹਾਂ।

■ ਮੈਂ ਨਿਰਮਲ ਸਿੰਘ ਵਾਸੀ ਮਿਤੀ 26-05-2023 ਨੂੰ ਕੀਤੀ ਬੇਦਖਲੀ ਰੱਦ ਕਰਦਾ ਹਾਂ।

Public Notice
Original Sale Deed No. 528 dated 19.05.2005 executed in favour of Mrs. Satya Devi regarding Property measuring 80 Sq. Yards situated within the municipal limits of Mann Mandi Teh. Budhlada having been lost. If found kindly contact Mrs. Rita Rani w/o Vijay Kumar S/o Jagdish Raj. AU SMALL FINANCE BANK LIMITED Bathinda, any respond or take objection within 07 Days, to Advocate Kanika Garg, Mob. No. 97791-47759.
Public Notice
Original Sale Deed No. 3102 dated 18.12.2012 executed in favour of Mrs. Paramjeet Kaur regarding property measuring 00 Kanal 9.85 Marlas situated in Tehsil Kotkapura having been lost. If found, kindly contact. Any person having objection may contact Advocate Kanika Garg, Mob. No. 97791-47759.
ਇਸ਼ਤਿਹਾਰ ਸਬੰਧੀ ਜ਼ਰੂਰੀ ਬੇਨਤੀ
ਅਦਾਰਾ ਪੰਜਾਬ ਟਾਈਮਜ਼ ਦਾ ਪਹਿਰੇਦਾਰ ਅਖਬਾਰ ਵਿੱਚ ਛਪਣ ਵਾਲੇ ਇਸ਼ਤਿਹਾਰਾਂ ਦੀ ਜ਼ਿੰਮੇਵਾਰੀ ਇਸ਼ਤਿਹਾਰ ਦੇਣ ਵਾਲੇ ਦੀ ਹੋਵੇਗੀ। ਪਾਠਕ ਆਪਣੀ ਜਾਂਚ ਪੜਤਾਲ ਕਰਕੇ ਹੀ ਲੈਣ ਦੇਣ ਕਰਨ।
-ਮੈਨੇਜਰ
ਇਸ਼ਤਿਹਾਰ ਅਤੇ ਕਲਾਸੀਫਾਈਡ ਕੇਵਲ ਅਦਾਰਾ 'ਪਹਿਰੇਦਾਰ' ਦੀ ਈ-ਮੇਲ	rozanapehredaradvt@gmail.com	'ਤੇ ਹੀ ਭੇਜੇ ਜਾਣ।
